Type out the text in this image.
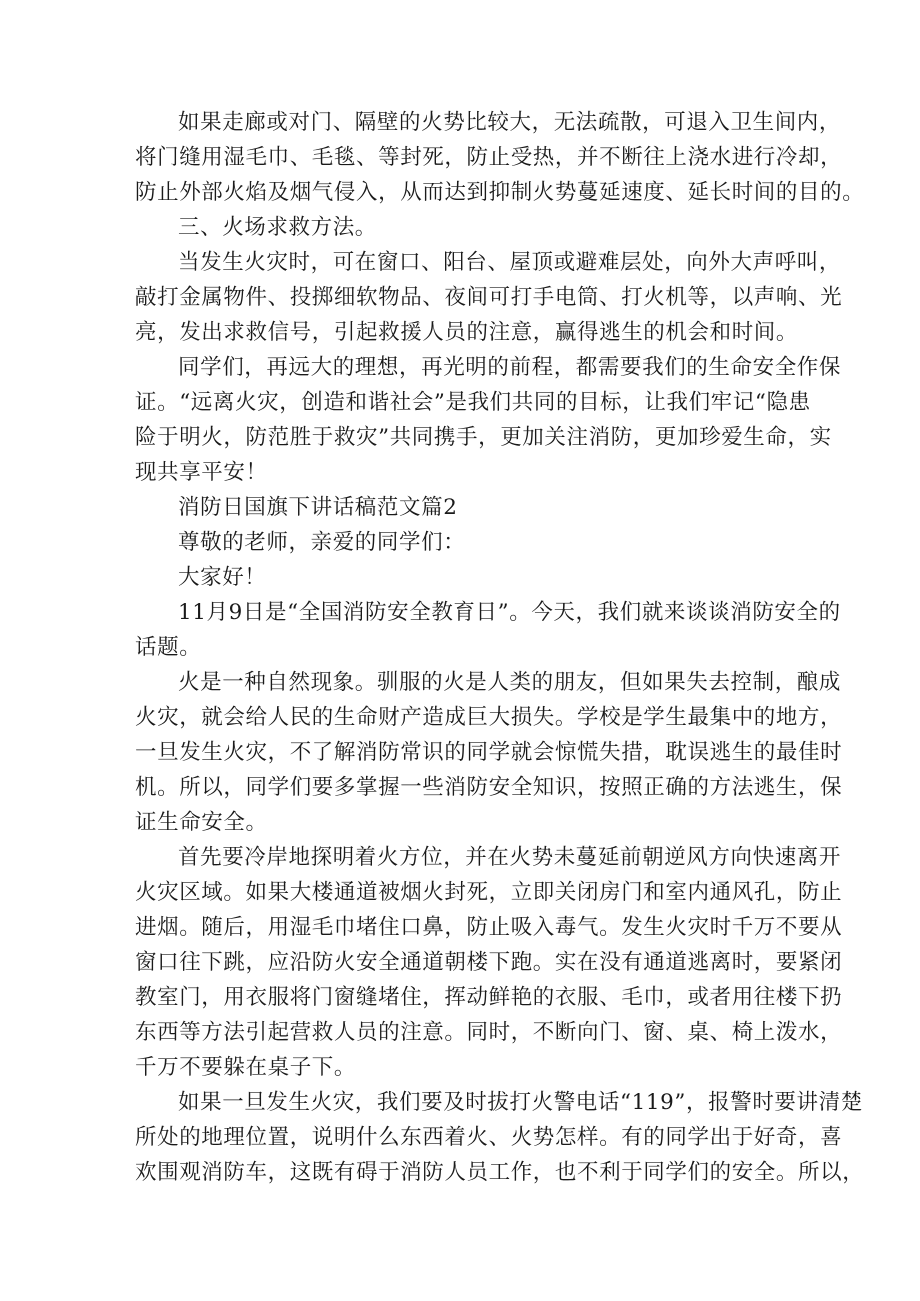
如果走廊或对门、隔壁的火势比较大，无法疏散，可退入卫生间内，
将门缝用湿毛巾、毛毯、等封死，防止受热，并不断往上浇水进行冷却，
防止外部火焰及烟气侵入，从而达到抑制火势蔓延速度、延长时间的目的。
三、火场求救方法。
当发生火灾时，可在窗口、阳台、屋顶或避难层处，向外大声呼叫，
敲打金属物件、投掷细软物品、夜间可打手电筒、打火机等，以声响、光
亮，发出求救信号，引起救援人员的注意，赢得逃生的机会和时间。
同学们，再远大的理想，再光明的前程，都需要我们的生命安全作保
证。“远离火灾，创造和谐社会”是我们共同的目标，让我们牢记“隐患
险于明火，防范胜于救灾”共同携手，更加关注消防，更加珍爱生命，实
现共享平安！
消防日国旗下讲话稿范文篇2
尊敬的老师，亲爱的同学们：
大家好！
11月9日是“全国消防安全教育日”。今天，我们就来谈谈消防安全的
话题。
火是一种自然现象。驯服的火是人类的朋友，但如果失去控制，酿成
火灾，就会给人民的生命财产造成巨大损失。学校是学生最集中的地方，
一旦发生火灾，不了解消防常识的同学就会惊慌失措，耽误逃生的最佳时
机。所以，同学们要多掌握一些消防安全知识，按照正确的方法逃生，保
证生命安全。
首先要冷岸地探明着火方位，并在火势未蔓延前朝逆风方向快速离开
火灾区域。如果大楼通道被烟火封死，立即关闭房门和室内通风孔，防止
进烟。随后，用湿毛巾堵住口鼻，防止吸入毒气。发生火灾时千万不要从
窗口往下跳，应沿防火安全通道朝楼下跑。实在没有通道逃离时，要紧闭
教室门，用衣服将门窗缝堵住，挥动鲜艳的衣服、毛巾，或者用往楼下扔
东西等方法引起营救人员的注意。同时，不断向门、窗、桌、椅上泼水，
千万不要躲在桌子下。
如果一旦发生火灾，我们要及时拔打火警电话“119”，报警时要讲清楚
所处的地理位置，说明什么东西着火、火势怎样。有的同学出于好奇，喜
欢围观消防车，这既有碍于消防人员工作，也不利于同学们的安全。所以，
